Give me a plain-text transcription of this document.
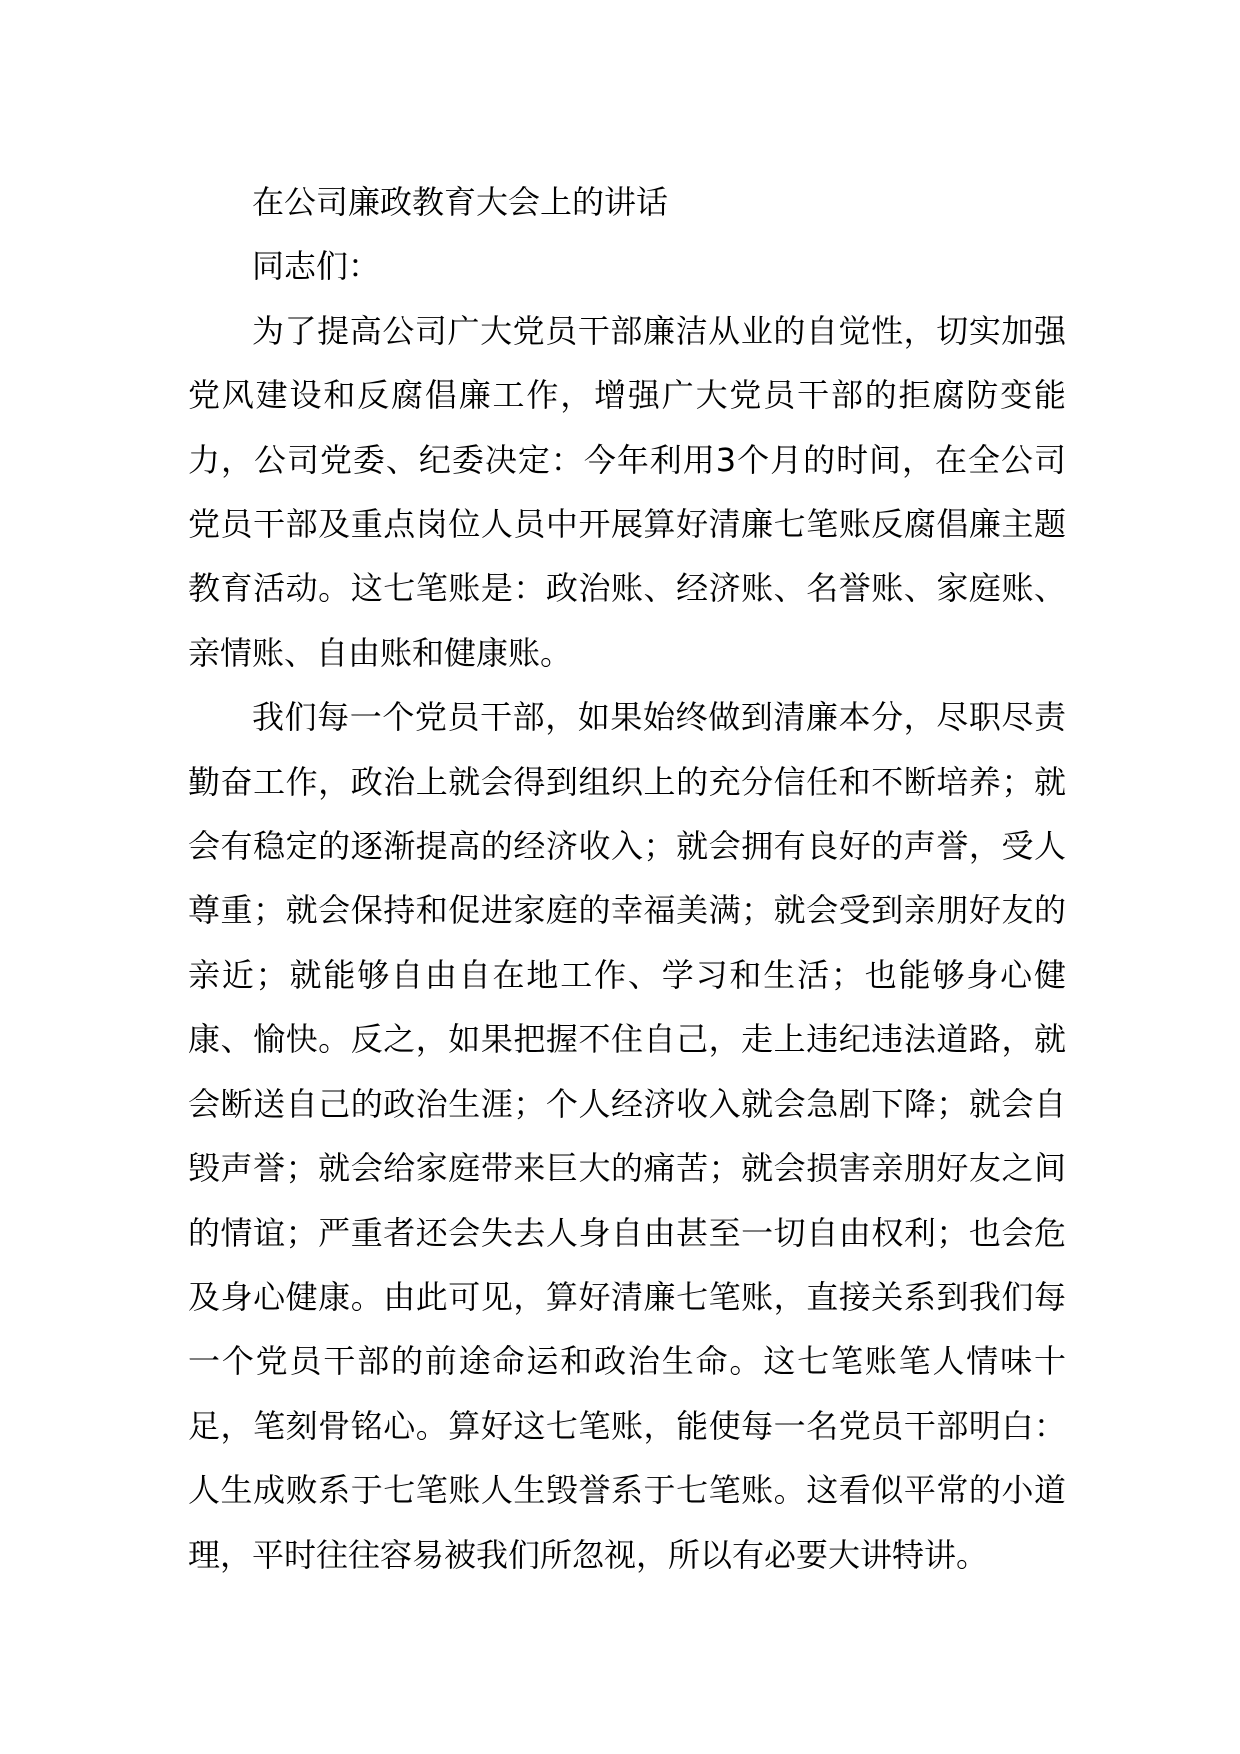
在公司廉政教育大会上的讲话

同志们：

为了提高公司广大党员干部廉洁从业的自觉性，切实加强党风建设和反腐倡廉工作，增强广大党员干部的拒腐防变能力，公司党委、纪委决定：今年利用3个月的时间，在全公司党员干部及重点岗位人员中开展算好清廉七笔账反腐倡廉主题教育活动。这七笔账是：政治账、经济账、名誉账、家庭账、亲情账、自由账和健康账。

我们每一个党员干部，如果始终做到清廉本分，尽职尽责勤奋工作，政治上就会得到组织上的充分信任和不断培养；就会有稳定的逐渐提高的经济收入；就会拥有良好的声誉，受人尊重；就会保持和促进家庭的幸福美满；就会受到亲朋好友的亲近；就能够自由自在地工作、学习和生活；也能够身心健康、愉快。反之，如果把握不住自己，走上违纪违法道路，就会断送自己的政治生涯；个人经济收入就会急剧下降；就会自毁声誉；就会给家庭带来巨大的痛苦；就会损害亲朋好友之间的情谊；严重者还会失去人身自由甚至一切自由权利；也会危及身心健康。由此可见，算好清廉七笔账，直接关系到我们每一个党员干部的前途命运和政治生命。这七笔账笔人情味十足，笔刻骨铭心。算好这七笔账，能使每一名党员干部明白：人生成败系于七笔账人生毁誉系于七笔账。这看似平常的小道理，平时往往容易被我们所忽视，所以有必要大讲特讲。
